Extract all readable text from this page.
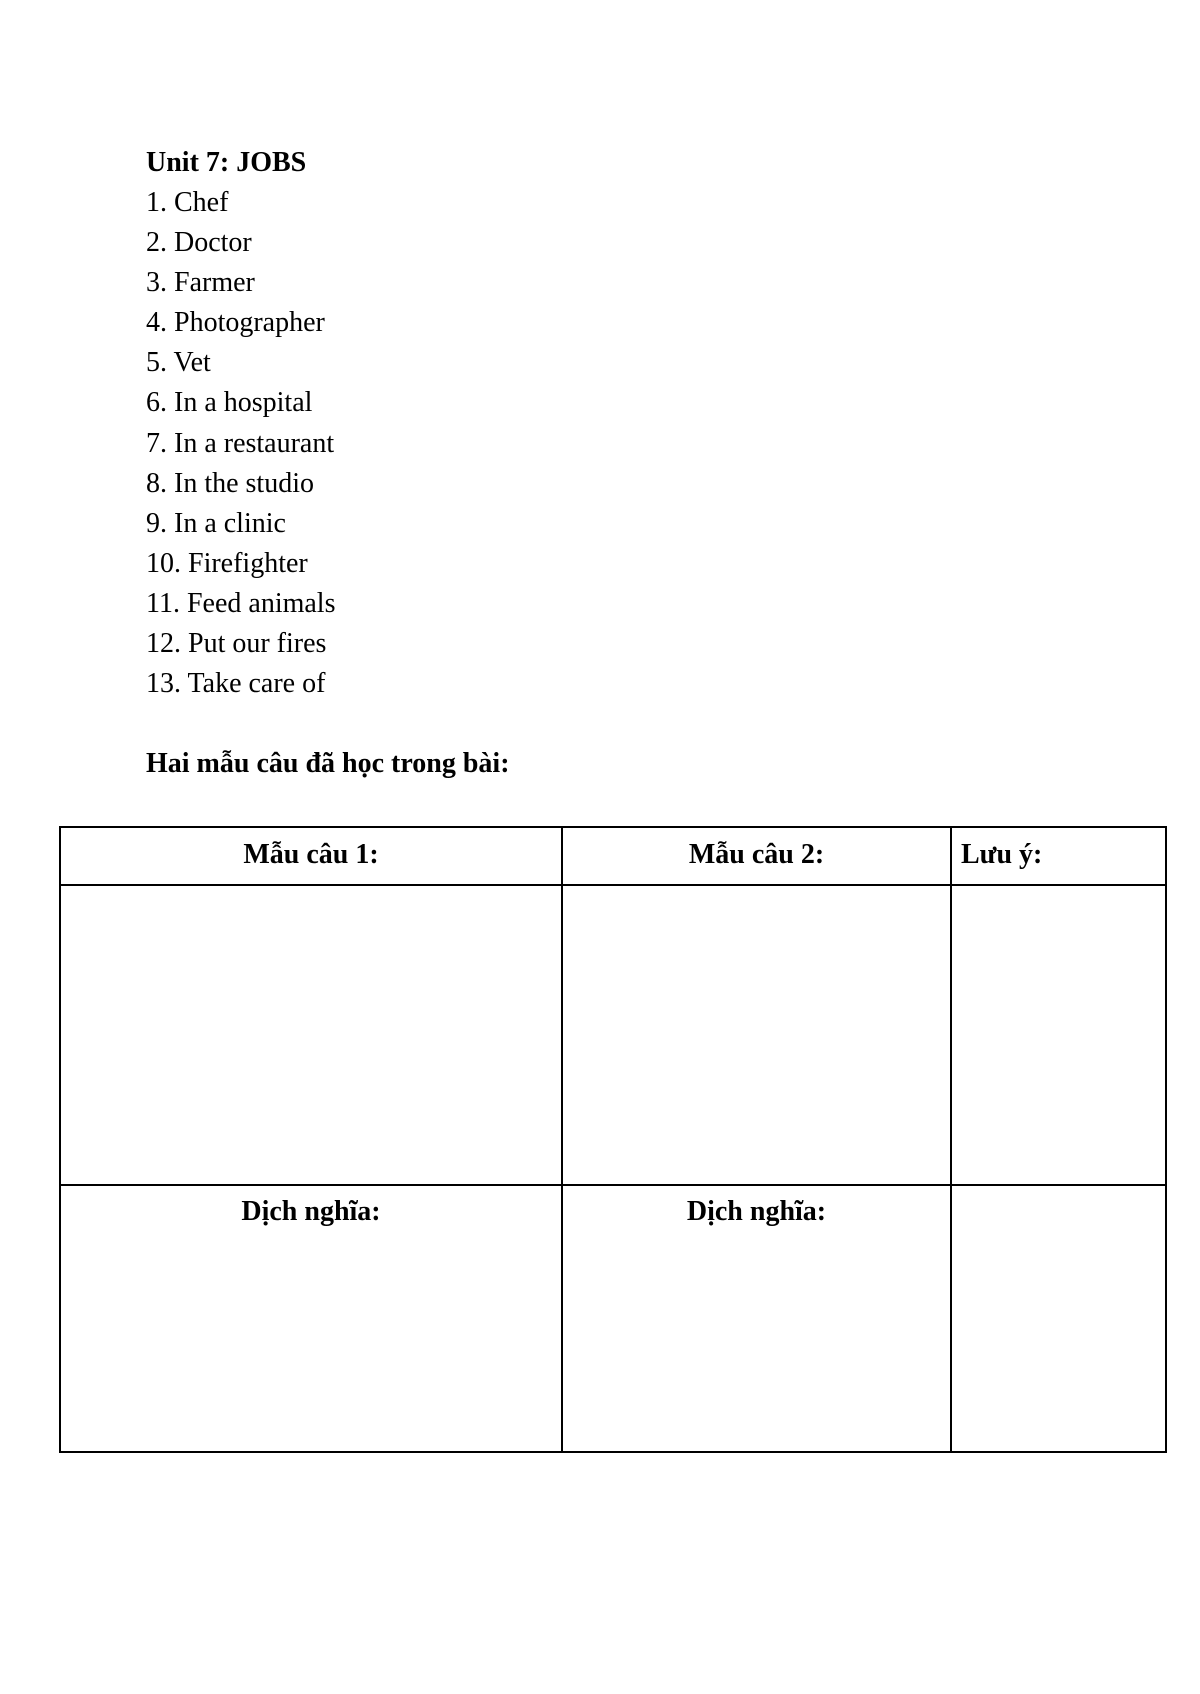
Unit 7: JOBS
1. Chef
2. Doctor
3. Farmer
4. Photographer
5. Vet
6. In a hospital
7. In a restaurant
8. In the studio
9. In a clinic
10. Firefighter
11. Feed animals
12. Put our fires
13. Take care of
Hai mẫu câu đã học trong bài:
Mẫu câu 1:	Mẫu câu 2:	Lưu ý:
Dịch nghĩa:	Dịch nghĩa:
